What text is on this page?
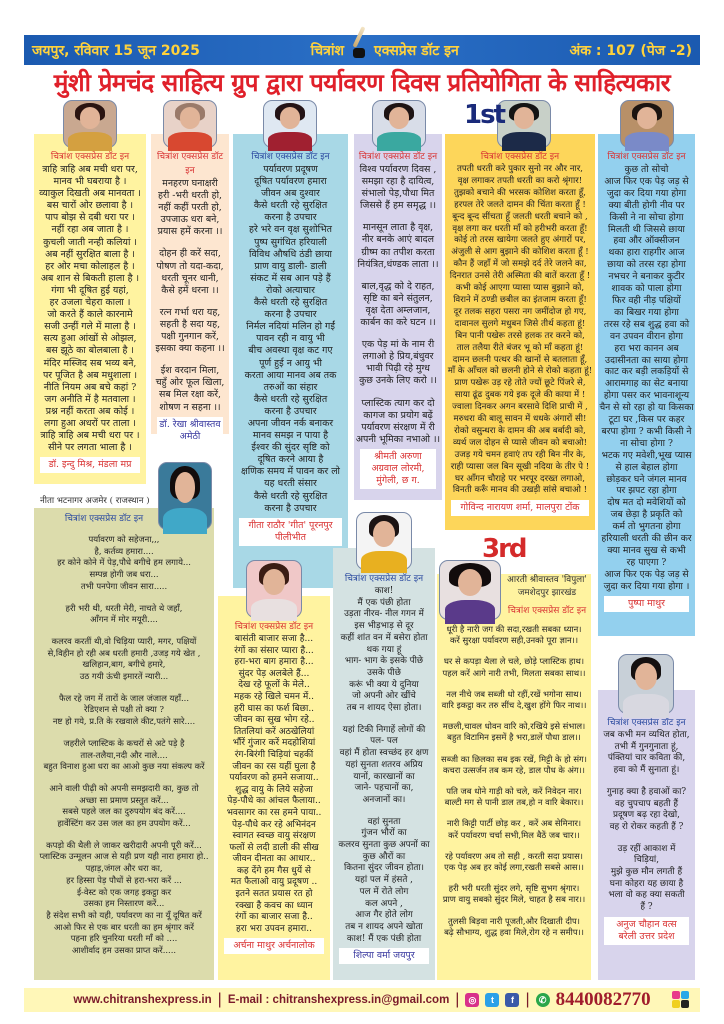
जयपुर, रविवार 15 जून 2025	चित्रांश एक्सप्रेस डॉट इन	अंक : 107 (पेज -2)
मुंशी प्रेमचंद साहित्य ग्रुप द्वारा पर्यावरण दिवस प्रतियोगिता के साहित्यकार
चित्रांश एक्सप्रेस डॉट इन
त्राहि त्राहि अब मची धरा पर,
मानव भी घबराया है ।
व्याकुल दिखती अब मानवता ।
बस चारों ओर छलावा है ।
पाप बोझ से दबी धरा पर ।
नहीं रहा अब जाता है ।
कुचली जाती नन्ही कलियां ।
अब नहीं सुरक्षित बाला है ।
हर ओर मचा कोलाहल है ।
अब शान से बिकती हाला है ।
गंगा भी दूषित हुई यहां,
हर उजला चेहरा काला ।
जो करते हैं काले कारनामे
सजी उन्हीं गले में माला है ।
सत्य हुआ आंखों से ओझल,
बस झूठे का बोलबाला है ।
मंदिर मस्जिद सब भव्य बने,
पर पूजित है अब मधुशाला ।
नीति नियम अब बचे कहां ?
जग अनीति में है मतवाला ।
प्रश्न नहीं करता अब कोई ।
लगा हुआ अधरों पर ताला ।
त्राहि त्राहि अब मची धरा पर ।
सीने पर लगता भाला है ।
डॉ. इन्दु मिश्र, मंडला मप्र
चित्रांश एक्सप्रेस डॉट इन
मनहरण घनाक्षरी
हरी -भरी धरती हो,
नहीं कहीं परती हो,
उपजाऊ धरा बने,
प्रयास हमें करना ।।
दोहन ही करें सदा,
पोषण तो यदा-कदा,
धरती चूनर धानी,
कैसे हमें धरना ।।
रत्न गर्भा धरा यह,
सहती है सदा यह,
पक्षी गुनगान करें,
इसका क्या कहना ।।
ईश वरदान मिला,
चहुँ ओर फूल खिला,
सब मिल रक्षा करें,
शोषण न सहना ।।
डॉ. रेखा श्रीवास्तव अमेठी
चित्रांश एक्सप्रेस डॉट इन
पर्यावरण प्रदूषण
दूषित पर्यावरण हमारा
जीवन अब दुश्वार
कैसे धरती रहे सुरक्षित
करना है उपचार
हरे भरे वन वृक्ष सुशोभित
पुष्प सुगंधित हरियाली
विविध औषधि ठंडी छाया
प्राण वायु डाली- डाली
संकट में सब आन पड़े हैं
रोको अत्याचार
कैसे धरती रहे सुरक्षित
करना है उपचार
निर्मल नदियां मलिन हो गईं
पावन रही न वायु भी
बीच अवस्था वृक्ष कट गए
पूर्ण हुई न आयु भी
करता आया मानव अब तक
तरुओं का संहार
कैसे धरती रहे सुरक्षित
करना है उपचार
अपना जीवन नर्क बनाकर
मानव समझ न पाया है
ईश्वर की सुंदर सृष्टि को
दूषित करने आया है
क्षणिक समय में पावन कर लो
यह धरती संसार
कैसे धरती रहे सुरक्षित
करना है उपचार
गीता राठौर 'गीत' पूरनपुर पीलीभीत
चित्रांश एक्सप्रेस डॉट इन
विश्व पर्यावरण दिवस ,
समझा रहा है दायित्व,
संभालो पेड़,पौधा मित
जिससे हैं हम समृद्ध ।।
मानसून लाता है वृक्ष,
नीर बनके आएं बादल
ग्रीष्म का तपीश करता
नियंत्रित,धंण्डक लाता ।।
बाल,वृद्ध को दे राहत,
सृष्टि का बने संतुलन,
वृक्ष देता अम्लजान,
कार्बन का करे घटन ।।
एक पेड़ मां के नाम री
लगाओ हे प्रिय,बंधुवर
भावी पिढ़ी रहे मुग्ध
कुछ उनके लिए करो ।।
प्लास्टिक त्याग कर दो
कागज का प्रयोग बढ़ें
पर्यावरण संरक्षण में री
अपनी भूमिका नभाओ ।।
श्रीमती अरुणा अग्रवाल लोरमी, मुंगेली, छ ग.
चित्रांश एक्सप्रेस डॉट इन
तपती धरती करे पुकार सुनो नर और नार,
वृक्ष लगाकर तपती धरती का करो श्रृंगार!
तुझको बचाने की भरसक कोशिश करता हूँ,
हरपल तेरे जलते दामन की चिंता करता हूँ !
बून्द बून्द सींचता हूँ जलती धरती बचाने को ,
वृक्ष लगा कर धरती माँ को हरीभरी करता हूँ!
कोई तो तरस खायेगा जलते हुए अंगारों पर,
अंजुली से आग बुझाने की कोशिश करता हूँ !
कौन हैं जहाँ में जो समझे दर्द तेरे जलने का,
दिनरात उनसे तेरी अस्मिता की बातें करता हूँ !
कभी कोई आएगा प्यासा प्यास बुझाने को,
विराने में ठण्डी छबील का इंतजाम करता हूँ!
दूर तलक सहरा पसरा नग जमींदोज हो गए,
दावानल सुलगे मधुबन जिसे तीर्थ कहता हूं!
बिन पानी पखेरू तरसे हलक तर करने को,
ताल तलैया रीते बंजर भू को माँ कहता हूं!
दामन छलनी पत्थर की खानों से बतलाता हूँ,
माँ के आँचल को छलनी होने से रोको कहता हूं!
प्राण पखेरू उड़ रहे तोते ज्यों छूटे पिंजरे से,
साया ढूंढ दुबक गये इक दूजे की काया में !
ज्वाला दिनकर अगन बरसावे दिशि प्राची में ,
मरुधरा की बालू सावन में धधके अंगारों सी!
रोको वसुन्धरा के दामन की अब बर्बादी को,
व्यर्थ जल दोहन से प्यासे जीवन को बचाओ!
उजड़ गये चमन हवाएं तप रही बिन नीर के,
राही प्यासा जल बिन सूखी नदिया के तीर पे !
घर आँगन चौराहे पर भरपूर दरख्त लगाओ,
विनती करूँ मानव की उखड़ी सांसे बचाओ !
गोविन्द नारायण शर्मा, मालपुरा टोंक
चित्रांश एक्सप्रेस डॉट इन
कुछ तो सोचो
आज फिर एक पेड़ जड़ से
जुदा कर दिया गया होगा
क्या बीती होगी नीव पर
किसी ने ना सोचा होगा
मिलती थी जिससे छाया
हवा और ऑक्सीजन
थका हारा राहगीर आज
छाया को तरस रहा होगा
नभचर ने बनाकर कुटीर
शावक को पाला होगा
फिर वही नीड़ पक्षियों
का बिखर गया होगा
तरस रहे सब शुद्ध हवा को
वन उपवन वीरान होगा
हरा भरा कानन अब
उदासीनता का साया होगा
काट कर बड़ी लकड़ियों से
आरामगाह का सेट बनाया
होगा पसर कर भावनाशून्य
चैन से सो रहा हो या किसका
टूटा घर ,किस पर कहर
बरपा होगा ? कभी किसी ने
ना सोचा होगा ?
भटक गए मवेशी,भूख प्यास
से हाल बेहाल होगा
छोड़कर घने जंगल मानव
पर झपट रहा होगा
दोष मत दो मवेशियों को
जब छेड़ा है प्रकृति को
कर्म तो भुगतना होगा
हरियाली धरती की छीन कर
क्या मानव सुख से कभी
रह पाएगा ?
आज फिर एक पेड़ जड़ से
जुदा कर दिया गया होगा ।
पुष्पा माथुर
नीता भटनागर अजमेर ( राजस्थान )
पर्यावरण को सहेजना,,,
है, कर्तव्य हमारा....
हर कोने कोने में पेड़,पौधे बगीचे हम लगाये...
सम्पन्न होगी जब धरा...
तभी पनपेगा जीवन सारा.....
हरी भरी थी, धरती मेरी, नाचते थे जहाँ,
आँगन में मोर मयूरी....
कलरव करतीं थी,वो चिड़िया प्यारी, मगर, पक्षियों
से,विहीन हो रही अब धरती हमारी ,उजड़ गये खेत ,
खलिहान,बाग, बगीचे हमारे,
उठ गयी ऊंची इमारतें न्यारी...
फैल रहे जग में तारों के जाल जंजाल यहाँ...
रेडिएशन से पक्षी तो क्या ?
नष्ट हो गये, प्र.ति के रखवाले कीट,पतंगे सारे....
जहरीले प्लास्टिक के कचरों से अटे पड़े है
ताल-तलैया,नदी और नाले....
बहुत विनाश हुआ धरा का आओ कुछ नया संकल्प करें
आने वाली पीढ़ी को अपनी समझदारी का, कुछ तो
अच्छा सा प्रमाण प्रस्तुत करें...
सबसे पहले जल का दुरुपयोग बंद करें....
हार्वेस्टिंग कर उस जल का हम उपयोग करें...
कपड़ो की थैली ले जाकर खरीदारी अपनी पूरी करें...
प्लास्टिक उन्मूलन आज से यही प्रण यही नारा हमारा हो..
पहाड़,जंगल और धरा का,
हर हिस्सा पेड़ पौधों से हरा-भरा करें ...
ई-वेस्ट को एक जगह इकट्ठा कर
उसका हम निस्तारण करें...
है संदेश सभी को यही, पर्यावरण का ना यूँ दूषित करें
आओ फिर से एक बार धरती का हम श्रृंगार करें
पहना हरि चुनरिया धरती माँ को ....
आशीर्वाद हम उसका प्राप्त करें.....
चित्रांश एक्सप्रेस डॉट इन
चित्रांश एक्सप्रेस डॉट इन
बासंती बाजार सजा है...
रंगों का संसार प्यारा है...
हरा-भरा बाग हमारा है...
सुंदर पेड़ अलबेले हैं...
देख रहे फूलों के मेले..
महक रहे खिले चमन में..
हरी घास का फर्श बिछा..
जीवन का सुख भोग रहे..
तितलियां करें अठखेलियां
भौंरें गुंजार करें मदहोशियां
रंग-बिरंगी चिड़ियां चहकीं
जीवन का रस यहीं घुला है
पर्यावरण को हमने सजाया..
शुद्ध वायु के लिये सहेजा
पेड़-पौधे का आंचल फैलाया..
भवसागर का रस हमने पाया..
पेड़-पौधे कर रहे अभिनंदन
स्वागत स्वच्छ वायु संरक्षण
फलों से लदी डाली की सीख
जीवन दीनता का आधार..
कह देंगे हम गैस धुयें से
मत फैलाओ वायु प्रदूषण ..
इतने सतत प्रयास रत हो
रक्खा है कवच का ध्यान
रंगों का बाजार सजा है..
हरा भरा उपवन हमारा..
अर्चना माथुर अर्चनालोक
चित्रांश एक्सप्रेस डॉट इन
काश!
मैं एक पंछी होता
उड़ता नीरव- नील गगन में
इस भीड़भाड़ से दूर
कहीं शांत वन में बसेरा होता
थक गया हूं
भाग- भाग के इसके पीछे
उसके पीछे
करूं भी क्या ये दुनिया
जो अपनी ओर खींचे
तब न शायद ऐसा होता।
यहां टिकी निगाहें लोगों की
पल- पल
वहां मैं होता स्वच्छंद हर क्षण
यहां सुनता शतरव अप्रिय
यानों, कारखानों का
जाने- पहचानों का,
अनजानों का।
वहां सुनता
गुंजन भौरों का
कलरव सुनता कुछ अपनों का
कुछ औरों का
कितना सुंदर जीवन होता।
यहां पल में हंसते ,
पल में रोते लोग
कल अपने ,
आज गैर होते लोग
तब न शायद अपने खोता
काश! मैं एक पंछी होता
शिल्पा वर्मा जयपुर
धूरी है नारी जग की सदा,रखती सबका ध्यान।
करें सुरक्षा पर्यावरण सही,उनको पूरा ज्ञान।।
घर से कपड़ा थैला ले चले, छोड़े प्लास्टिक हाथ।
पहल करें आगे नारी तभी, मिलता सबका साथ।।
नल नीचे जब सब्जी धो रहीं,रखें भगोना साथ।
वारि इकट्ठा कर तरु सींच दे,खुश होंगे फिर नाथ।।
मछली,चावल धोवन वारि को,रखिये इसे संभाल।
बहुत विटामिन इसमें है भरा,डालें पौधा डाल।।
सब्जी का छिलका सब इक रखें, मिट्टी के हो संग।
कचरा उत्सर्जन तब कम रहे, डाल पौध के अंग।।
पति जब धोने गाड़ी को चले, करें निवेदन नार।
बाल्टी मग से पानी डाल तब,हो न वारि बेकार।।
नारी किट्टी पार्टी छोड़ कर , करें अब सेमिनार।
करें पर्यावरण चर्चा सभी,मिल बैठें जब चार।।
रहे पर्यावरण अब तो सही , करती सदा प्रयास।
एक पेड़ अब हर कोई लगा,रखती सबसे आस।।
हरी भरी धरती सुंदर लगे, सृष्टि सुभग श्रृंगार।
प्राण वायु सबको सुंदर मिले, चाहत है सब नार।।
तुलसी बिड़वा नारी पूजती,और दिखाती दीप।
बढ़े सौभाग्य, शुद्ध हवा मिले,रोग रहे न समीप।।
आरती श्रीवास्तव 'विपुला' जमशेदपुर झारखंड
चित्रांश एक्सप्रेस डॉट इन
चित्रांश एक्सप्रेस डॉट इन
जब कभी मन व्यथित होता,
तभी मैं गुनगुनाता हूं,
पंक्तियां चार कविता की,
हवा को मैं सुनाता हूं।
गुनाह क्या है हवाओं का?
वह चुपचाप बहती हैं
प्रदूषण बढ़ रहा देखो,
वह रो रोकर कहती हैं ?
उड़ रहीं आकाश में
चिड़ियां,
मुझे कुछ मौन लगती हैं
घना कोहरा यह छाया है
भला वो कह क्या सकती
हैं ?
अनुज चौहान वत्स बरेली उत्तर प्रदेश
1st
3rd
www.chitranshexpress.in | E-mail : chitranshexpress.in@gmail.com |	◎	t	f |	✆ 8440082770
